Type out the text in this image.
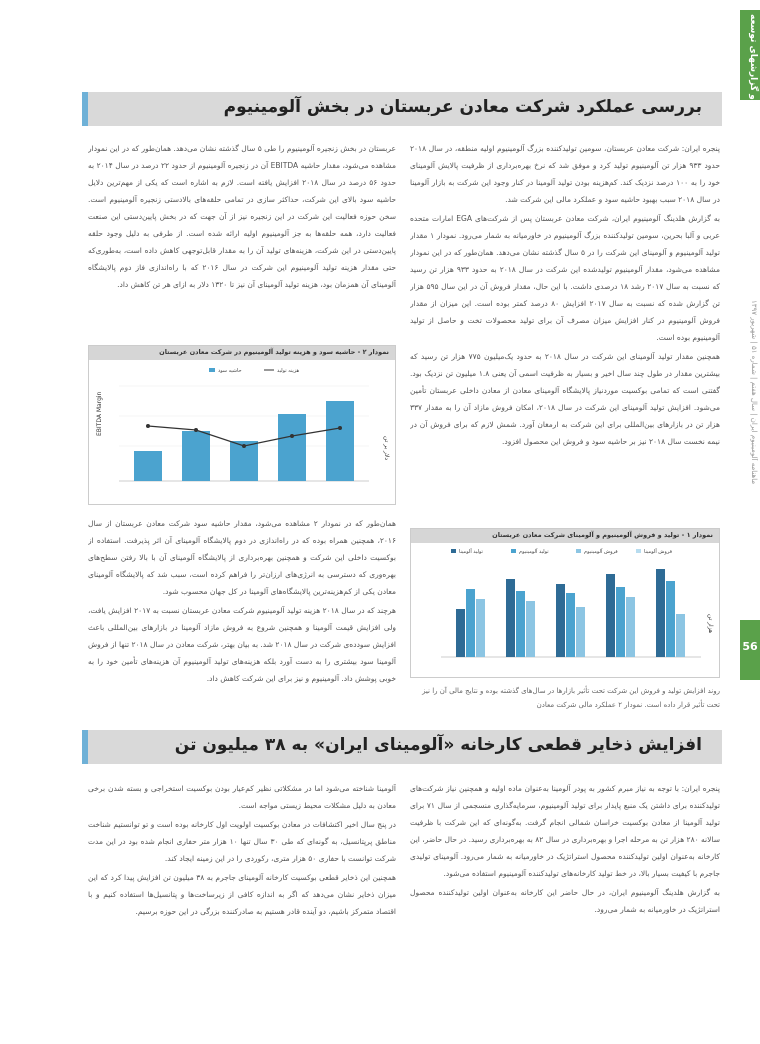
اخبار و گزارشهای توسعه
ماهنامه آلومینیوم ایران | سال هفتم | شماره ۵۱ | شهریور ۱۳۹۷
56
بررسی عملکرد شرکت معادن عربستان در بخش آلومینیوم

پنجره ایران: شرکت معادن عربستان، سومین تولیدکننده بزرگ آلومینیوم اولیه منطقه، در سال ۲۰۱۸ حدود ۹۳۳ هزار تن آلومینیوم تولید کرد و موفق شد که نرخ بهره‌برداری از ظرفیت پالایش آلومینای خود را به ۱۰۰ درصد نزدیک کند. کم‌هزینه بودن تولید آلومینا در کنار وجود این شرکت به بازار آلومینا در سال ۲۰۱۸ سبب بهبود حاشیه سود و عملکرد مالی این شرکت شد.

به گزارش هلدینگ آلومینیوم ایران، شرکت معادن عربستان پس از شرکت‌های EGA امارات متحده عربی و آلبا بحرین، سومین تولیدکننده بزرگ آلومینیوم در خاورمیانه به شمار می‌رود. نمودار ۱ مقدار تولید آلومینیوم و آلومینای این شرکت را در ۵ سال گذشته نشان می‌دهد. همان‌طور که در این نمودار مشاهده می‌شود، مقدار آلومینیوم تولیدشده این شرکت در سال ۲۰۱۸ به حدود ۹۳۳ هزار تن رسید که نسبت به سال ۲۰۱۷ رشد ۱۸ درصدی داشت. با این حال، مقدار فروش آن در این سال ۵۹۵ هزار تن گزارش شده که نسبت به سال ۲۰۱۷ افزایش ۸۰ درصد کمتر بوده است. این میزان از مقدار فروش آلومینیوم در کنار افزایش میزان مصرف آن برای تولید محصولات تخت و حاصل از تولید آلومینیوم بوده است.

همچنین مقدار تولید آلومینای این شرکت در سال ۲۰۱۸ به حدود یک‌میلیون ۷۷۵ هزار تن رسید که بیشترین مقدار در طول چند سال اخیر و بسیار به ظرفیت اسمی آن یعنی ۱.۸ میلیون تن نزدیک بود. گفتنی است که تمامی بوکسیت موردنیاز پالایشگاه آلومینای معادن از معادن داخلی عربستان تأمین می‌شود. افزایش تولید آلومینای این شرکت در سال ۲۰۱۸، امکان فروش مازاد آن را به مقدار ۳۳۷ هزار تن در بازارهای بین‌المللی برای این شرکت به ارمغان آورد. شمش لازم که برای فروش آن در نیمه نخست سال ۲۰۱۸ نیز بر حاشیه سود و فروش این محصول افزود.

عربستان در بخش زنجیره آلومینیوم را طی ۵ سال گذشته نشان می‌دهد. همان‌طور که در این نمودار مشاهده می‌شود، مقدار حاشیه EBITDA آن در زنجیره آلومینیوم از حدود ۲۲ درصد در سال ۲۰۱۴ به حدود ۵۶ درصد در سال ۲۰۱۸ افزایش یافته است. لازم به اشاره است که یکی از مهم‌ترین دلایل حاشیه سود بالای این شرکت، حداکثر سازی در تمامی حلقه‌های بالادستی زنجیره آلومینیوم است. سخن حوزه فعالیت این شرکت در این زنجیره نیز از آن جهت که در بخش پایین‌دستی این صنعت فعالیت دارد، همه حلقه‌ها به جز آلومینیوم اولیه ارائه شده است. از طرفی به دلیل وجود حلقه پایین‌دستی در این شرکت، هزینه‌های تولید آن را به مقدار قابل‌توجهی کاهش داده است، به‌طوری‌که حتی مقدار هزینه تولید آلومینیوم این شرکت در سال ۲۰۱۶ که با راه‌اندازی فاز دوم پالایشگاه آلومینای آن همزمان بود، هزینه تولید آلومینای آن نیز تا ۱۳۲۰ دلار به ازای هر تن کاهش داد.

نمودار ۲ - حاشیه سود و هزینه تولید آلومینیوم در شرکت معادن عربستان
EBITDA Margin
دلار بر تن
حاشیه سود	هزینه تولید

همان‌طور که در نمودار ۲ مشاهده می‌شود، مقدار حاشیه سود شرکت معادن عربستان از سال ۲۰۱۶، همچنین همراه بوده که در راه‌اندازی در دوم پالایشگاه آلومینای آن اثر پذیرفت. استفاده از بوکسیت داخلی این شرکت و همچنین بهره‌برداری از پالایشگاه آلومینای آن با بالا رفتن سطح‌های بهره‌وری که دسترسی به انرژی‌های ارزان‌تر را فراهم کرده است، سبب شد که پالایشگاه آلومینای معادن یکی از کم‌هزینه‌ترین پالایشگاه‌های آلومینا در کل جهان محسوب شود.

هرچند که در سال ۲۰۱۸ هزینه تولید آلومینیوم شرکت معادن عربستان نسبت به ۲۰۱۷ افزایش یافت، ولی افزایش قیمت آلومینا و همچنین شروع به فروش مازاد آلومینا در بازارهای بین‌المللی باعث افزایش سودده‌ی شرکت در سال ۲۰۱۸ شد. به بیان بهتر، شرکت معادن در سال ۲۰۱۸ تنها از فروش آلومینا سود بیشتری را به دست آورد بلکه هزینه‌های تولید آلومینیوم آن هزینه‌های تأمین خود را به خوبی پوشش داد. آلومینیوم و نیز برای این شرکت کاهش داد.

نمودار ۱ - تولید و فروش آلومینیوم و آلومینای شرکت معادن عربستان
هزار تن
تولید آلومینا	تولید آلومینیوم	فروش آلومینیوم	فروش آلومینا
روند افزایش تولید و فروش این شرکت تحت تأثیر بازارها در سال‌های گذشته بوده و نتایج مالی آن را نیز تحت تأثیر قرار داده است. نمودار ۲ عملکرد مالی شرکت معادن
افزایش ذخایر قطعی کارخانه «آلومینای ایران» به ۳۸ میلیون تن

پنجره ایران: با توجه به نیاز مبرم کشور به پودر آلومینا به‌عنوان ماده اولیه و همچنین نیاز شرکت‌های تولیدکننده برای داشتن یک منبع پایدار برای تولید آلومینیوم، سرمایه‌گذاری منسجمی از سال ۷۱ برای تولید آلومینا از معادن بوکسیت خراسان شمالی انجام گرفت. به‌گونه‌ای که این شرکت با ظرفیت سالانه ۲۸۰ هزار تن به مرحله اجرا و بهره‌برداری در سال ۸۲ به بهره‌برداری رسید. در حال حاضر، این کارخانه به‌عنوان اولین تولیدکننده محصول استراتژیک در خاورمیانه به شمار می‌رود. آلومینای تولیدی جاجرم با کیفیت بسیار بالا، در خط تولید کارخانه‌های تولیدکننده آلومینیوم استفاده می‌شود.

به گزارش هلدینگ آلومینیوم ایران، در حال حاضر این کارخانه به‌عنوان اولین تولیدکننده محصول استراتژیک در خاورمیانه به شمار می‌رود.

آلومینا شناخته می‌شود اما در مشکلاتی نظیر کم‌عیار بودن بوکسیت استخراجی و بسته شدن برخی معادن به دلیل مشکلات محیط زیستی مواجه است.

در پنج سال اخیر اکتشافات در معادن بوکسیت اولویت اول کارخانه بوده است و تو توانستیم شناخت مناطق پرپتانسیل، به گونه‌ای که طی ۳۰ سال تنها ۱۰ هزار متر حفاری انجام شده بود در این مدت شرکت توانست با حفاری ۵۰ هزار متری، رکوردی را در این زمینه ایجاد کند.

همچنین این ذخایر قطعی بوکسیت کارخانه آلومینای جاجرم به ۳۸ میلیون تن افزایش پیدا کرد که این میزان ذخایر نشان می‌دهد که اگر به اندازه کافی از زیرساخت‌ها و پتانسیل‌ها استفاده کنیم و با اقتصاد متمرکز باشیم، دو آینده قادر هستیم به صادرکننده بزرگی در این حوزه برسیم.
